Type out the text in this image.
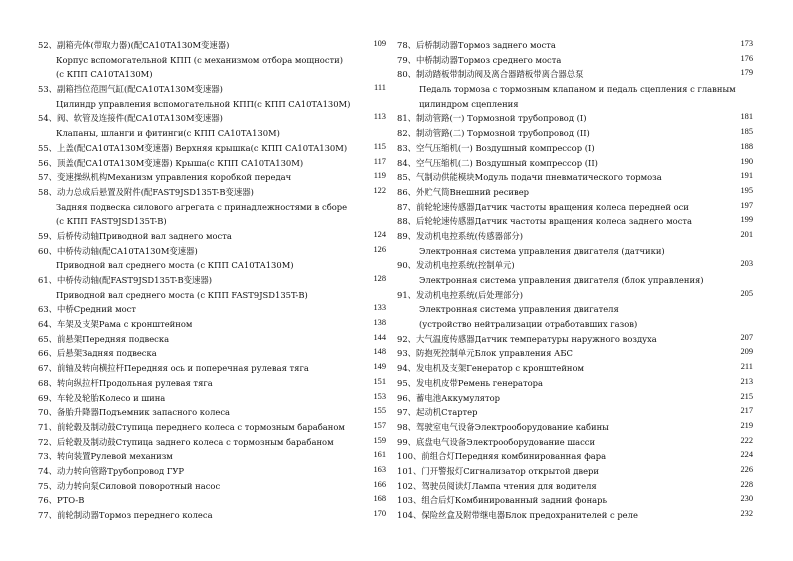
52、副箱壳体(带取力器)(配CA10TA130M变速器)
Корпус вспомогательной КПП (с механизмом отбора мощности)
(с КПП CA10TA130M)
109
53、副箱挡位范围气缸(配CA10TA130M变速器)
Цилиндр управления вспомогательной КПП(с КПП CA10TA130M)
111
54、阀、软管及连接件(配CA10TA130M变速器)
Клапаны, шланги и фитинги(с КПП CA10TA130M)
113
55、上盖(配CA10TA130M变速器) Верхняя крышка(с КПП CA10TA130M)	115
56、顶盖(配CA10TA130M变速器) Крыша(с КПП CA10TA130M)	117
57、变速操纵机构Механизм управления коробкой передач	119
58、动力总成后悬置及附件(配FAST9JSD135T-B变速器)
Задняя подвеска силового агрегата с принадлежностями в сборе
(с КПП FAST9JSD135T-B)
122
59、后桥传动轴Приводной вал заднего моста	124
60、中桥传动轴(配CA10TA130M变速器)
Приводной вал среднего моста (с КПП CA10TA130M)
126
61、中桥传动轴(配FAST9JSD135T-B变速器)
Приводной вал среднего моста (с КПП FAST9JSD135T-B)
128
63、中桥Средний мост	133
64、车架及支架Рама с кронштейном	138
65、前悬架Передняя подвеска	144
66、后悬架Задняя подвеска	148
67、前轴及转向横拉杆Передняя ось и поперечная рулевая тяга	149
68、转向纵拉杆Продольная рулевая тяга	151
69、车轮及轮胎Колесо и шина	153
70、备胎升降器Подъемник запасного колеса	155
71、前轮毂及制动鼓Ступица переднего колеса с тормозным барабаном	157
72、后轮毂及制动鼓Ступица заднего колеса с тормозным барабаном	159
73、转向装置Рулевой механизм	161
74、动力转向管路Трубопровод ГУР	163
75、动力转向泵Силовой поворотный насос	166
76、PTO-B	168
77、前轮制动器Тормоз переднего колеса	170
78、后桥制动器Тормоз заднего моста	173
79、中桥制动器Тормоз среднего моста	176
80、制动踏板带制动阀及离合器踏板带离合器总泵
Педаль тормоза с тормозным клапаном и педаль сцепления с главным
цилиндром сцепления
179
81、制动管路(一) Тормозной трубопровод (I)	181
82、制动管路(二) Тормозной трубопровод (II)	185
83、空气压缩机(一) Воздушный компрессор (I)	188
84、空气压缩机(二) Воздушный компрессор (II)	190
85、气制动供能模块Модуль подачи пневматического тормоза	191
86、外贮气筒Внешний ресивер	195
87、前轮轮速传感器Датчик частоты вращения колеса передней оси	197
88、后轮轮速传感器Датчик частоты вращения колеса заднего моста	199
89、发动机电控系统(传感器部分)
Электронная система управления двигателя (датчики)
201
90、发动机电控系统(控制单元)
Электронная система управления двигателя (блок управления)
203
91、发动机电控系统(后处理部分)
Электронная система управления двигателя
(устройство нейтрализации отработавших газов)
205
92、大气温度传感器Датчик температуры наружного воздуха	207
93、防抱死控制单元Блок управления АБС	209
94、发电机及支架Генератор с кронштейном	211
95、发电机皮带Ремень генератора	213
96、蓄电池Аккумулятор	215
97、起动机Стартер	217
98、驾驶室电气设备Электрооборудование кабины	219
99、底盘电气设备Электрооборудование шасси	222
100、前组合灯Передняя комбинированная фара	224
101、门开警报灯Сигнализатор открытой двери	226
102、驾驶员阅读灯Лампа чтения для водителя	228
103、组合后灯Комбинированный задний фонарь	230
104、保险丝盒及附带继电器Блок предохранителей с реле	232
